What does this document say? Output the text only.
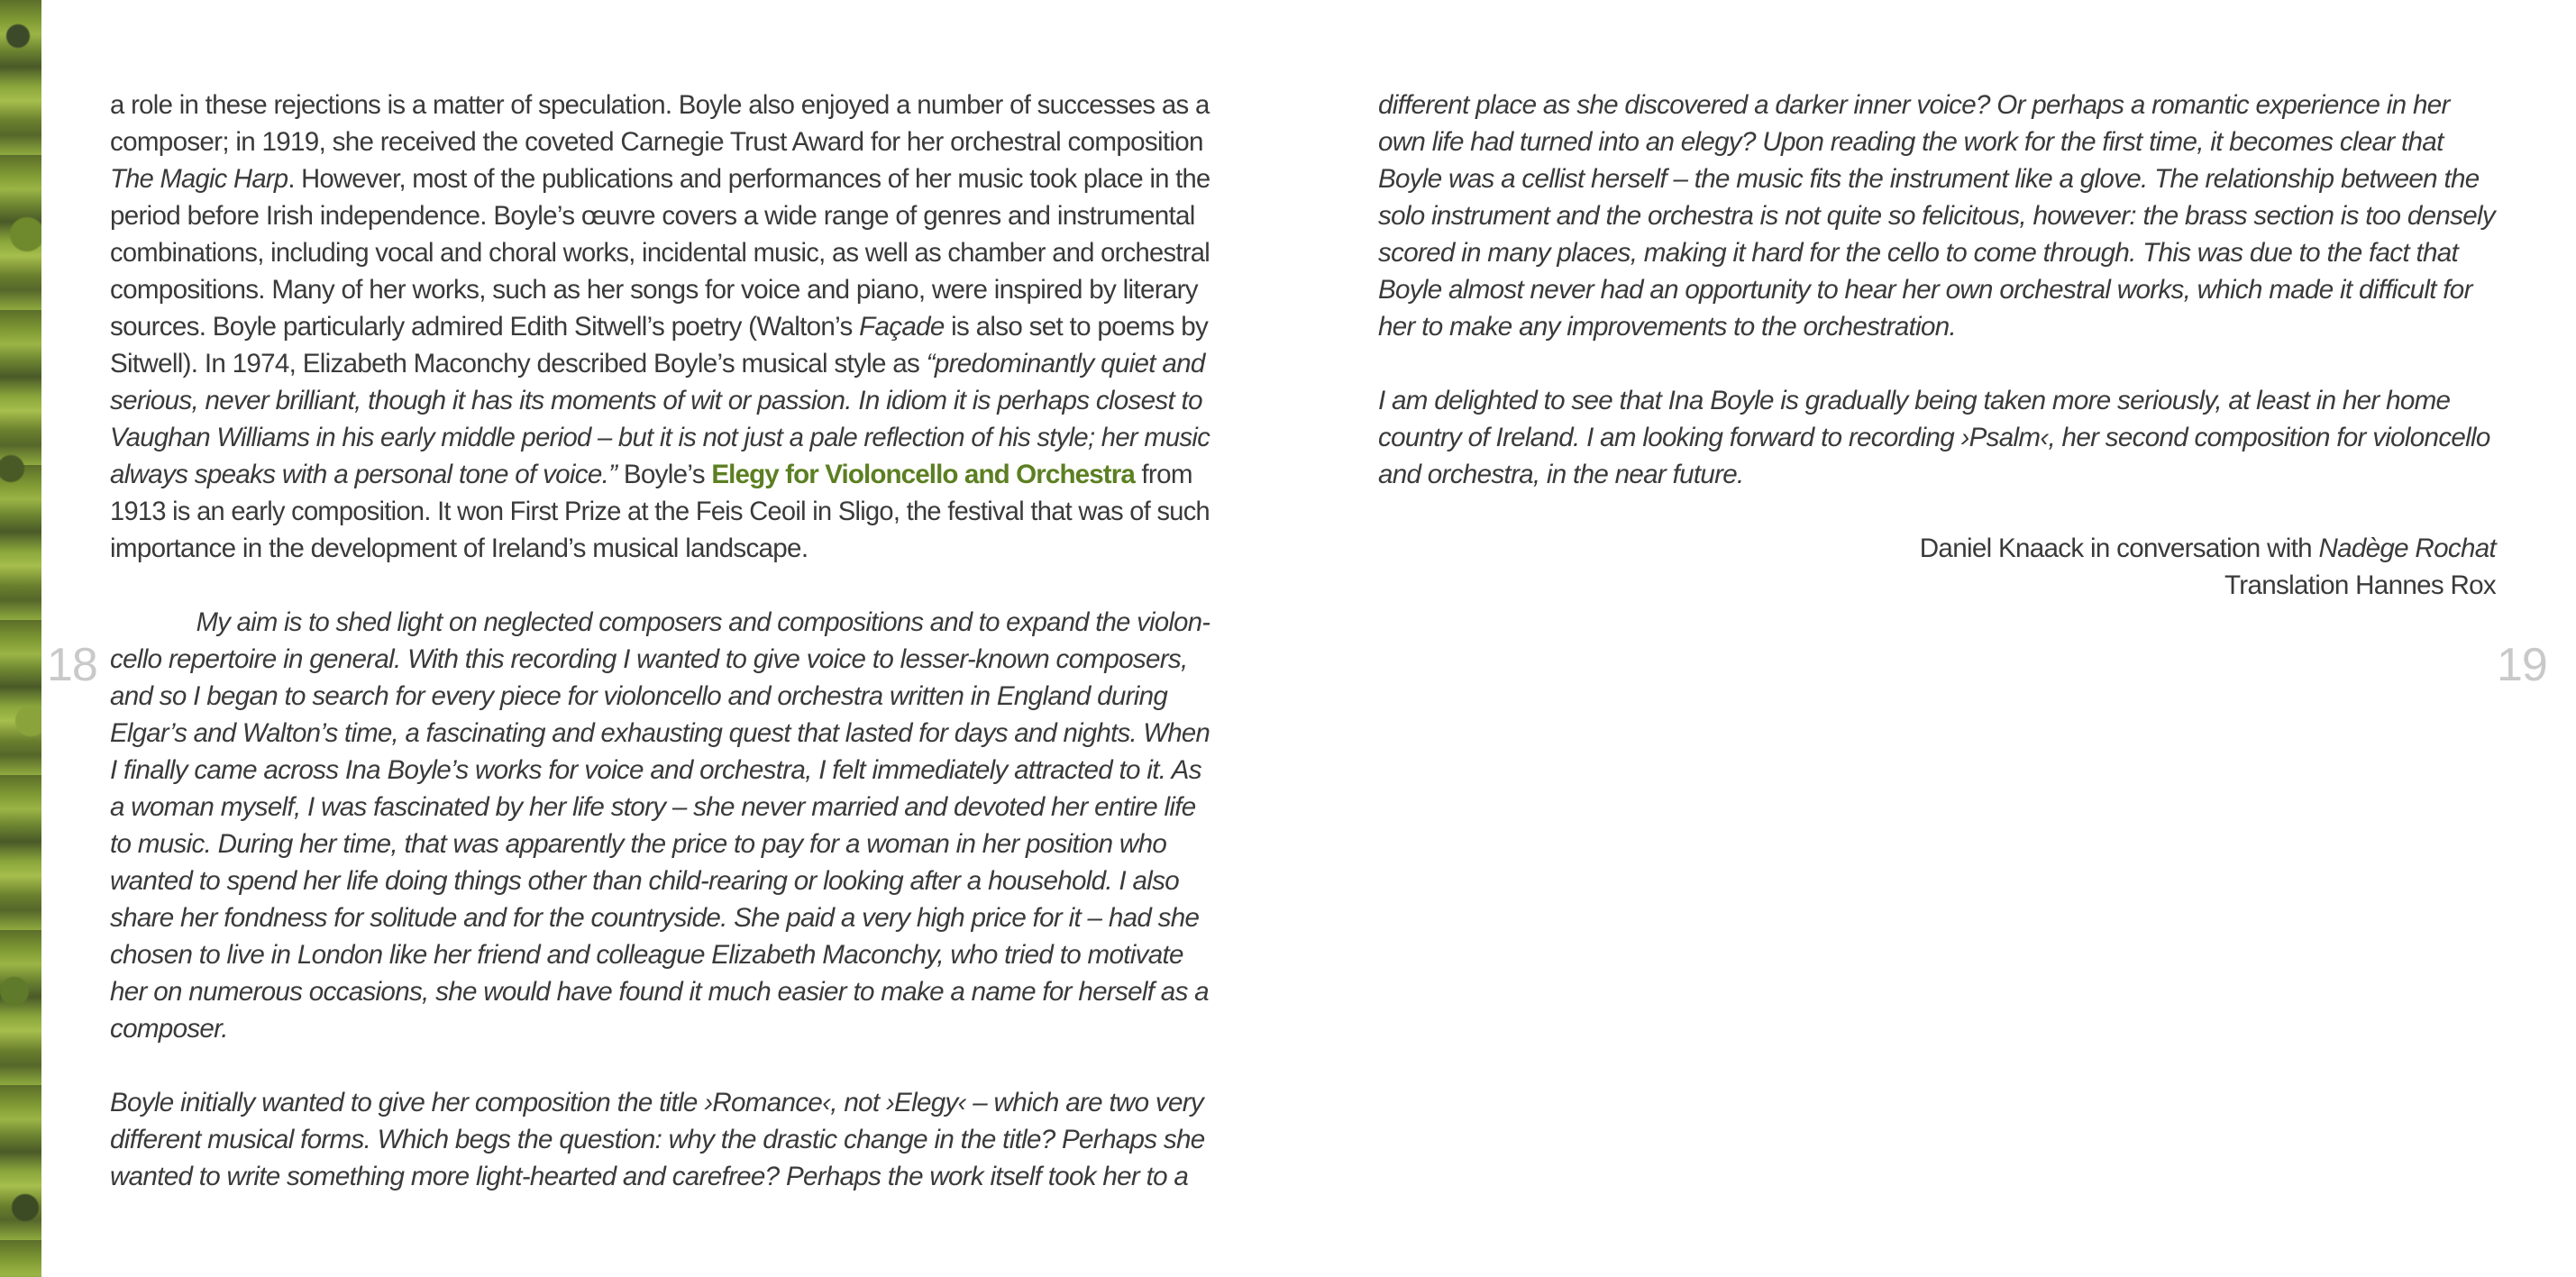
18	19

a role in these rejections is a matter of speculation. Boyle also enjoyed a number of successes as a

composer; in 1919, she received the coveted Carnegie Trust Award for her orchestral composition

The Magic Harp. However, most of the publications and performances of her music took place in the

period before Irish independence. Boyle’s œuvre covers a wide range of genres and instrumental

combinations, including vocal and choral works, incidental music, as well as chamber and orchestral

compositions. Many of her works, such as her songs for voice and piano, were inspired by literary

sources. Boyle particularly admired Edith Sitwell’s poetry (Walton’s Façade is also set to poems by

Sitwell). In 1974, Elizabeth Maconchy described Boyle’s musical style as “predominantly quiet and

serious, never brilliant, though it has its moments of wit or passion. In idiom it is perhaps closest to

Vaughan Williams in his early middle period – but it is not just a pale reflection of his style; her music

always speaks with a personal tone of voice.” Boyle’s Elegy for Violoncello and Orchestra from

1913 is an early composition. It won First Prize at the Feis Ceoil in Sligo, the festival that was of such

importance in the development of Ireland’s musical landscape.

My aim is to shed light on neglected composers and compositions and to expand the violon-

cello repertoire in general. With this recording I wanted to give voice to lesser-known composers,

and so I began to search for every piece for violoncello and orchestra written in England during

Elgar’s and Walton’s time, a fascinating and exhausting quest that lasted for days and nights. When

I finally came across Ina Boyle’s works for voice and orchestra, I felt immediately attracted to it. As

a woman myself, I was fascinated by her life story – she never married and devoted her entire life

to music. During her time, that was apparently the price to pay for a woman in her position who

wanted to spend her life doing things other than child-rearing or looking after a household. I also

share her fondness for solitude and for the countryside. She paid a very high price for it – had she

chosen to live in London like her friend and colleague Elizabeth Maconchy, who tried to motivate

her on numerous occasions, she would have found it much easier to make a name for herself as a

composer.

Boyle initially wanted to give her composition the title ›Romance‹, not ›Elegy‹ – which are two very

different musical forms. Which begs the question: why the drastic change in the title? Perhaps she

wanted to write something more light-hearted and carefree? Perhaps the work itself took her to a

different place as she discovered a darker inner voice? Or perhaps a romantic experience in her

own life had turned into an elegy? Upon reading the work for the first time, it becomes clear that

Boyle was a cellist herself – the music fits the instrument like a glove. The relationship between the

solo instrument and the orchestra is not quite so felicitous, however: the brass section is too densely

scored in many places, making it hard for the cello to come through. This was due to the fact that

Boyle almost never had an opportunity to hear her own orchestral works, which made it difficult for

her to make any improvements to the orchestration.

I am delighted to see that Ina Boyle is gradually being taken more seriously, at least in her home

country of Ireland. I am looking forward to recording ›Psalm‹, her second composition for violoncello

and orchestra, in the near future.

Daniel Knaack in conversation with Nadège Rochat

Translation Hannes Rox
